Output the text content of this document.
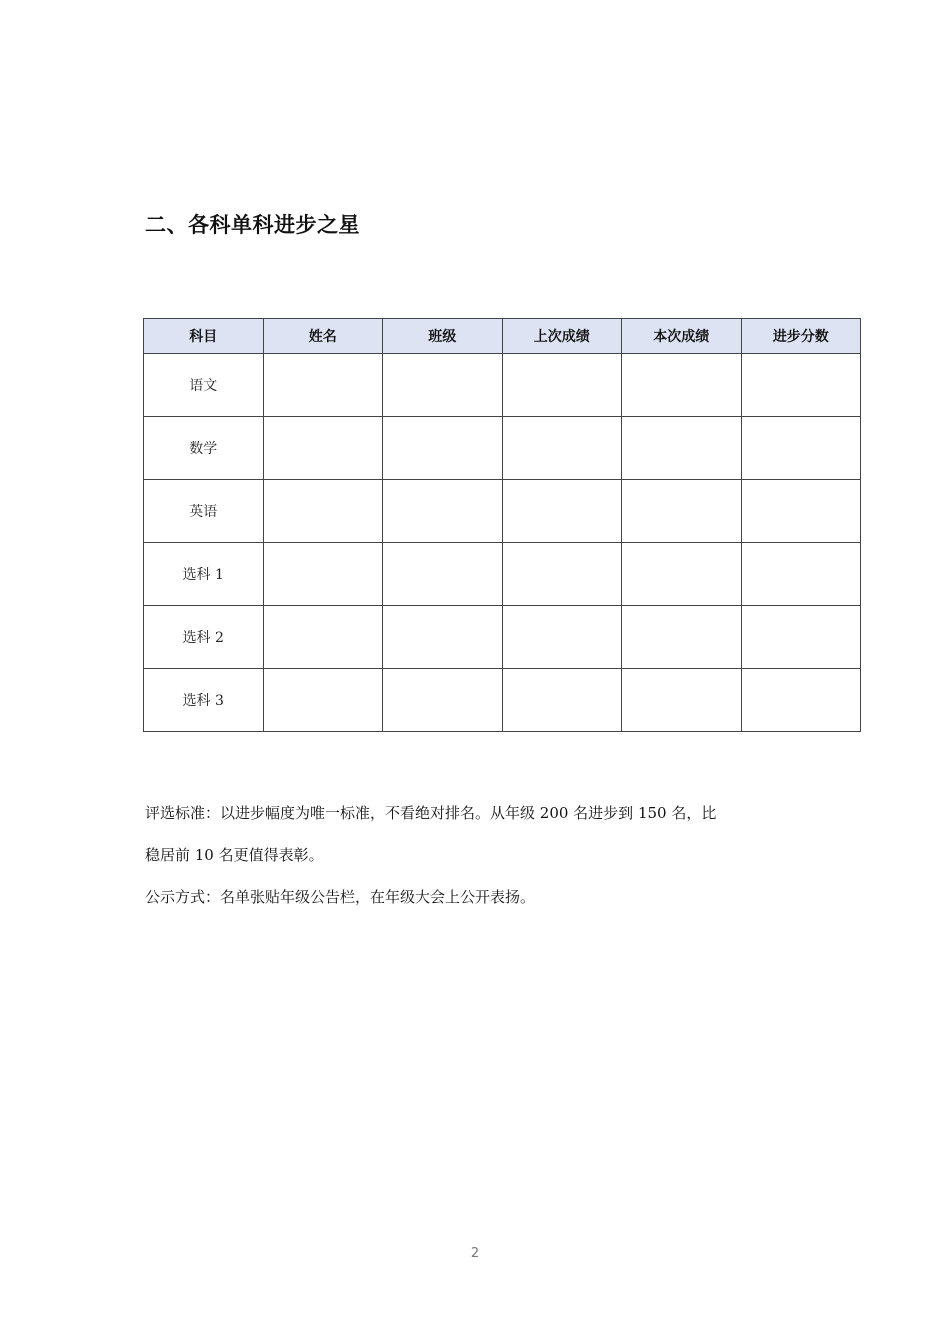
二、各科单科进步之星
科目	姓名	班级	上次成绩	本次成绩	进步分数
语文					
数学					
英语					
选科 1					
选科 2					
选科 3					

评选标准：以进步幅度为唯一标准，不看绝对排名。从年级 200 名进步到 150 名，比

稳居前 10 名更值得表彰。

公示方式：名单张贴年级公告栏，在年级大会上公开表扬。

2
